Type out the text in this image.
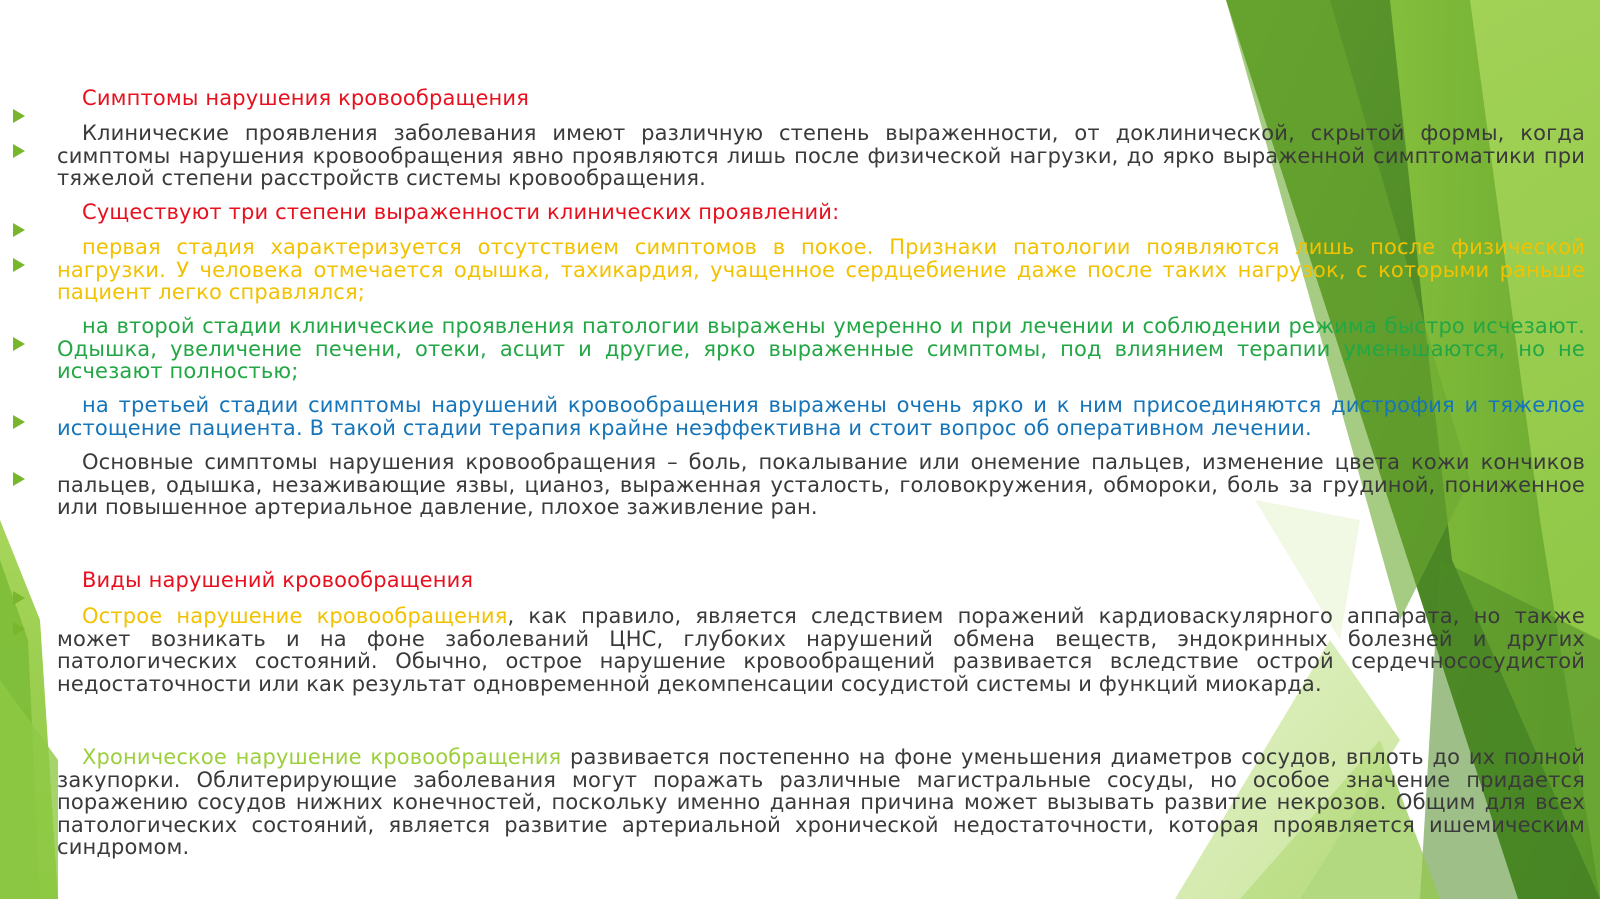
Симптомы нарушения кровообращения

Клинические проявления заболевания имеют различную степень выраженности, от доклинической, скрытой формы, когда симптомы нарушения кровообращения явно проявляются лишь после физической нагрузки, до ярко выраженной симптоматики при тяжелой степени расстройств системы кровообращения.

Существуют три степени выраженности клинических проявлений:

первая стадия характеризуется отсутствием симптомов в покое. Признаки патологии появляются лишь после физической нагрузки. У человека отмечается одышка, тахикардия, учащенное сердцебиение даже после таких нагрузок, с которыми раньше пациент легко справлялся;

на второй стадии клинические проявления патологии выражены умеренно и при лечении и соблюдении режима быстро исчезают. Одышка, увеличение печени, отеки, асцит и другие, ярко выраженные симптомы, под влиянием терапии уменьшаются, но не исчезают полностью;

на третьей стадии симптомы нарушений кровообращения выражены очень ярко и к ним присоединяются дистрофия и тяжелое истощение пациента. В такой стадии терапия крайне неэффективна и стоит вопрос об оперативном лечении.

Основные симптомы нарушения кровообращения – боль, покалывание или онемение пальцев, изменение цвета кожи кончиков пальцев, одышка, незаживающие язвы, цианоз, выраженная усталость, головокружения, обмороки, боль за грудиной, пониженное или повышенное артериальное давление, плохое заживление ран.

Виды нарушений кровообращения

Острое нарушение кровообращения, как правило, является следствием поражений кардиоваскулярного аппарата, но также может возникать и на фоне заболеваний ЦНС, глубоких нарушений обмена веществ, эндокринных болезней и других патологических состояний. Обычно, острое нарушение кровообращений развивается вследствие острой сердечнососудистой недостаточности или как результат одновременной декомпенсации сосудистой системы и функций миокарда.

Хроническое нарушение кровообращения развивается постепенно на фоне уменьшения диаметров сосудов, вплоть до их полной закупорки. Облитерирующие заболевания могут поражать различные магистральные сосуды, но особое значение придается поражению сосудов нижних конечностей, поскольку именно данная причина может вызывать развитие некрозов. Общим для всех патологических состояний, является развитие артериальной хронической недостаточности, которая проявляется ишемическим синдромом.
